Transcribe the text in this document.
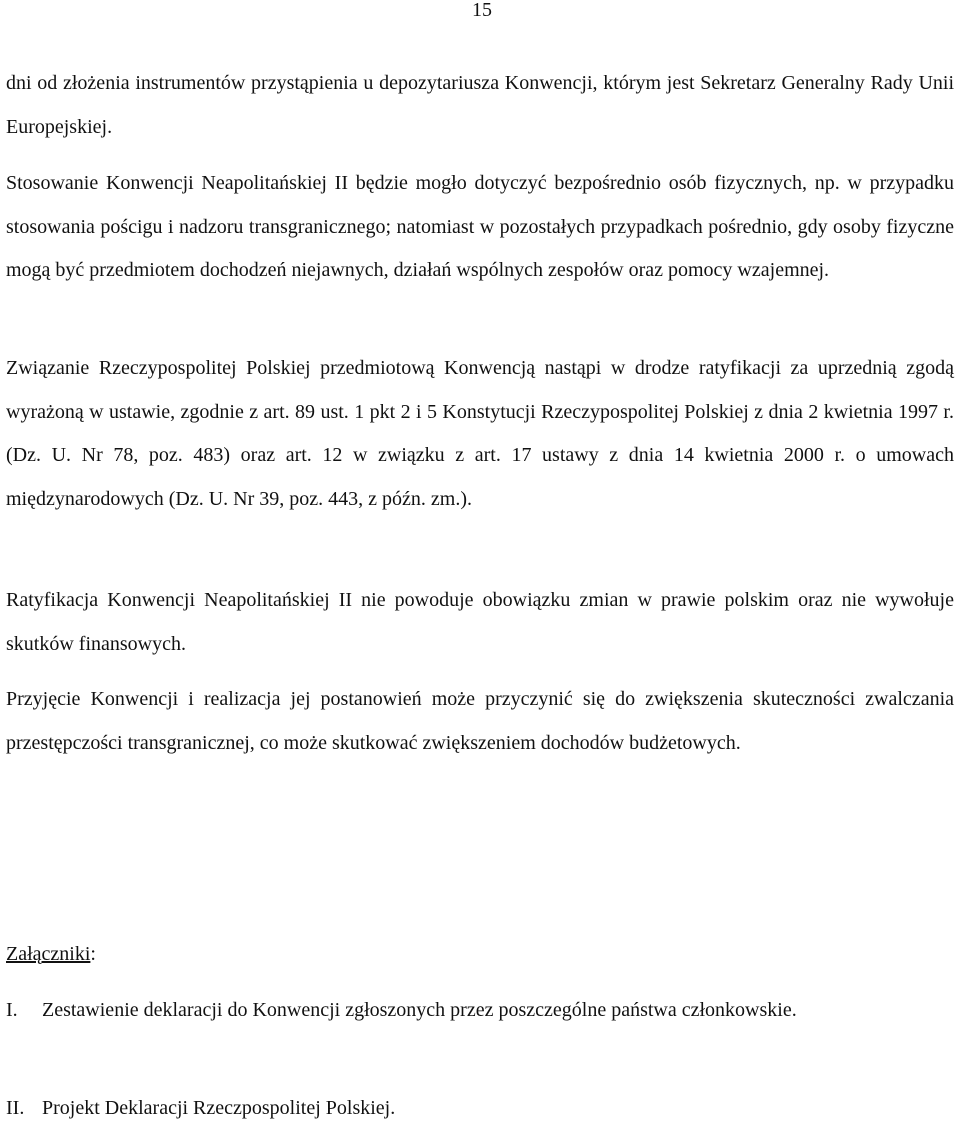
15

dni od złożenia instrumentów przystąpienia u depozytariusza Konwencji, którym jest Sekretarz Generalny Rady Unii Europejskiej.

Stosowanie Konwencji Neapolitańskiej II będzie mogło dotyczyć bezpośrednio osób fizycznych, np. w przypadku stosowania pościgu i nadzoru transgranicznego; natomiast w pozostałych przypadkach pośrednio, gdy osoby fizyczne mogą być przedmiotem dochodzeń niejawnych, działań wspólnych zespołów oraz pomocy wzajemnej.

Związanie Rzeczypospolitej Polskiej przedmiotową Konwencją nastąpi w drodze ratyfikacji za uprzednią zgodą wyrażoną w ustawie, zgodnie z art. 89 ust. 1 pkt 2 i 5 Konstytucji Rzeczypospolitej Polskiej z dnia 2 kwietnia 1997 r. (Dz. U. Nr 78, poz. 483) oraz art. 12 w związku z art. 17 ustawy z dnia 14 kwietnia 2000 r. o umowach międzynarodowych (Dz. U. Nr 39, poz. 443, z późn. zm.).

Ratyfikacja Konwencji Neapolitańskiej II nie powoduje obowiązku zmian w prawie polskim oraz nie wywołuje skutków finansowych.

Przyjęcie Konwencji i realizacja jej postanowień może przyczynić się do zwiększenia skuteczności zwalczania przestępczości transgranicznej, co może skutkować zwiększeniem dochodów budżetowych.

Załączniki:
I. Zestawienie deklaracji do Konwencji zgłoszonych przez poszczególne państwa członkowskie.
II. Projekt Deklaracji Rzeczpospolitej Polskiej.
